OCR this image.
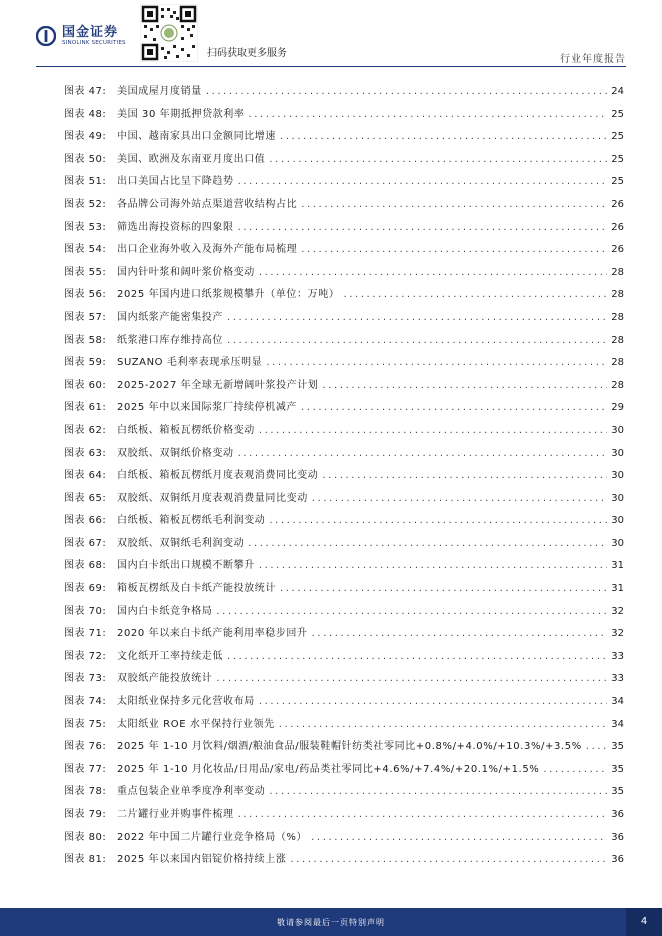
国金证券
SINOLINK SECURITIES
扫码获取更多服务
行业年度报告
图表 47:	美国成屋月度销量 .....	24
图表 48:	美国 30 年期抵押贷款利率 .....	25
图表 49:	中国、越南家具出口金额同比增速 .....	25
图表 50:	美国、欧洲及东南亚月度出口值 .....	25
图表 51:	出口美国占比呈下降趋势 .....	25
图表 52:	各品牌公司海外站点渠道营收结构占比 .....	26
图表 53:	筛选出海投资标的四象限 .....	26
图表 54:	出口企业海外收入及海外产能布局梳理 .....	26
图表 55:	国内针叶浆和阔叶浆价格变动 .....	28
图表 56:	2025 年国内进口纸浆规模攀升（单位：万吨） .....	28
图表 57:	国内纸浆产能密集投产 .....	28
图表 58:	纸浆港口库存维持高位 .....	28
图表 59:	SUZANO 毛利率表现承压明显 .....	28
图表 60:	2025-2027 年全球无新增阔叶浆投产计划 .....	28
图表 61:	2025 年中以来国际浆厂持续停机减产 .....	29
图表 62:	白纸板、箱板瓦楞纸价格变动 .....	30
图表 63:	双胶纸、双铜纸价格变动 .....	30
图表 64:	白纸板、箱板瓦楞纸月度表观消费同比变动 .....	30
图表 65:	双胶纸、双铜纸月度表观消费量同比变动 .....	30
图表 66:	白纸板、箱板瓦楞纸毛利润变动 .....	30
图表 67:	双胶纸、双铜纸毛利润变动 .....	30
图表 68:	国内白卡纸出口规模不断攀升 .....	31
图表 69:	箱板瓦楞纸及白卡纸产能投放统计 .....	31
图表 70:	国内白卡纸竞争格局 .....	32
图表 71:	2020 年以来白卡纸产能利用率稳步回升 .....	32
图表 72:	文化纸开工率持续走低 .....	33
图表 73:	双胶纸产能投放统计 .....	33
图表 74:	太阳纸业保持多元化营收布局 .....	34
图表 75:	太阳纸业 ROE 水平保持行业领先 .....	34
图表 76:	2025 年 1-10 月饮料/烟酒/粮油食品/服装鞋帽针纺类社零同比+0.8%/+4.0%/+10.3%/+3.5% .....	35
图表 77:	2025 年 1-10 月化妆品/日用品/家电/药品类社零同比+4.6%/+7.4%/+20.1%/+1.5% .....	35
图表 78:	重点包装企业单季度净利率变动 .....	35
图表 79:	二片罐行业并购事件梳理 .....	36
图表 80:	2022 年中国二片罐行业竞争格局（%） .....	36
图表 81:	2025 年以来国内铝锭价格持续上涨 .....	36
敬请参阅最后一页特别声明	4
